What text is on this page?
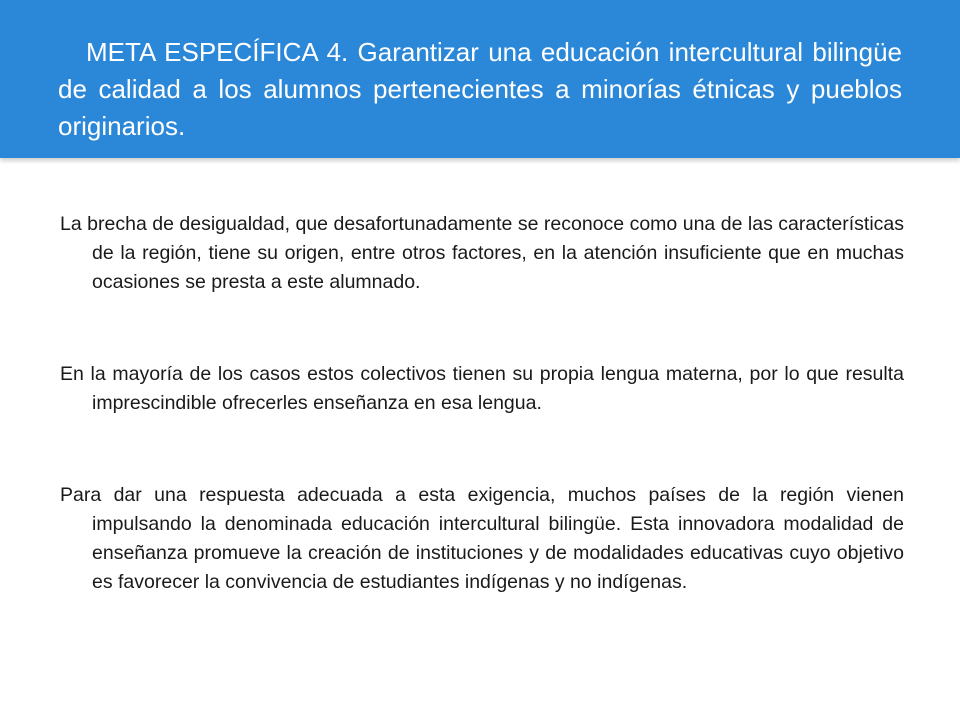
META ESPECÍFICA 4. Garantizar una educación intercultural bilingüe de calidad a los alumnos pertenecientes a minorías étnicas y pueblos originarios.

La brecha de desigualdad, que desafortunadamente se reconoce como una de las características de la región, tiene su origen, entre otros factores, en la atención insuficiente que en muchas ocasiones se presta a este alumnado.

En la mayoría de los casos estos colectivos tienen su propia lengua materna, por lo que resulta imprescindible ofrecerles enseñanza en esa lengua.

Para dar una respuesta adecuada a esta exigencia, muchos países de la región vienen impulsando la denominada educación intercultural bilingüe. Esta innovadora modalidad de enseñanza promueve la creación de instituciones y de modalidades educativas cuyo objetivo es favorecer la convivencia de estudiantes indígenas y no indígenas.
